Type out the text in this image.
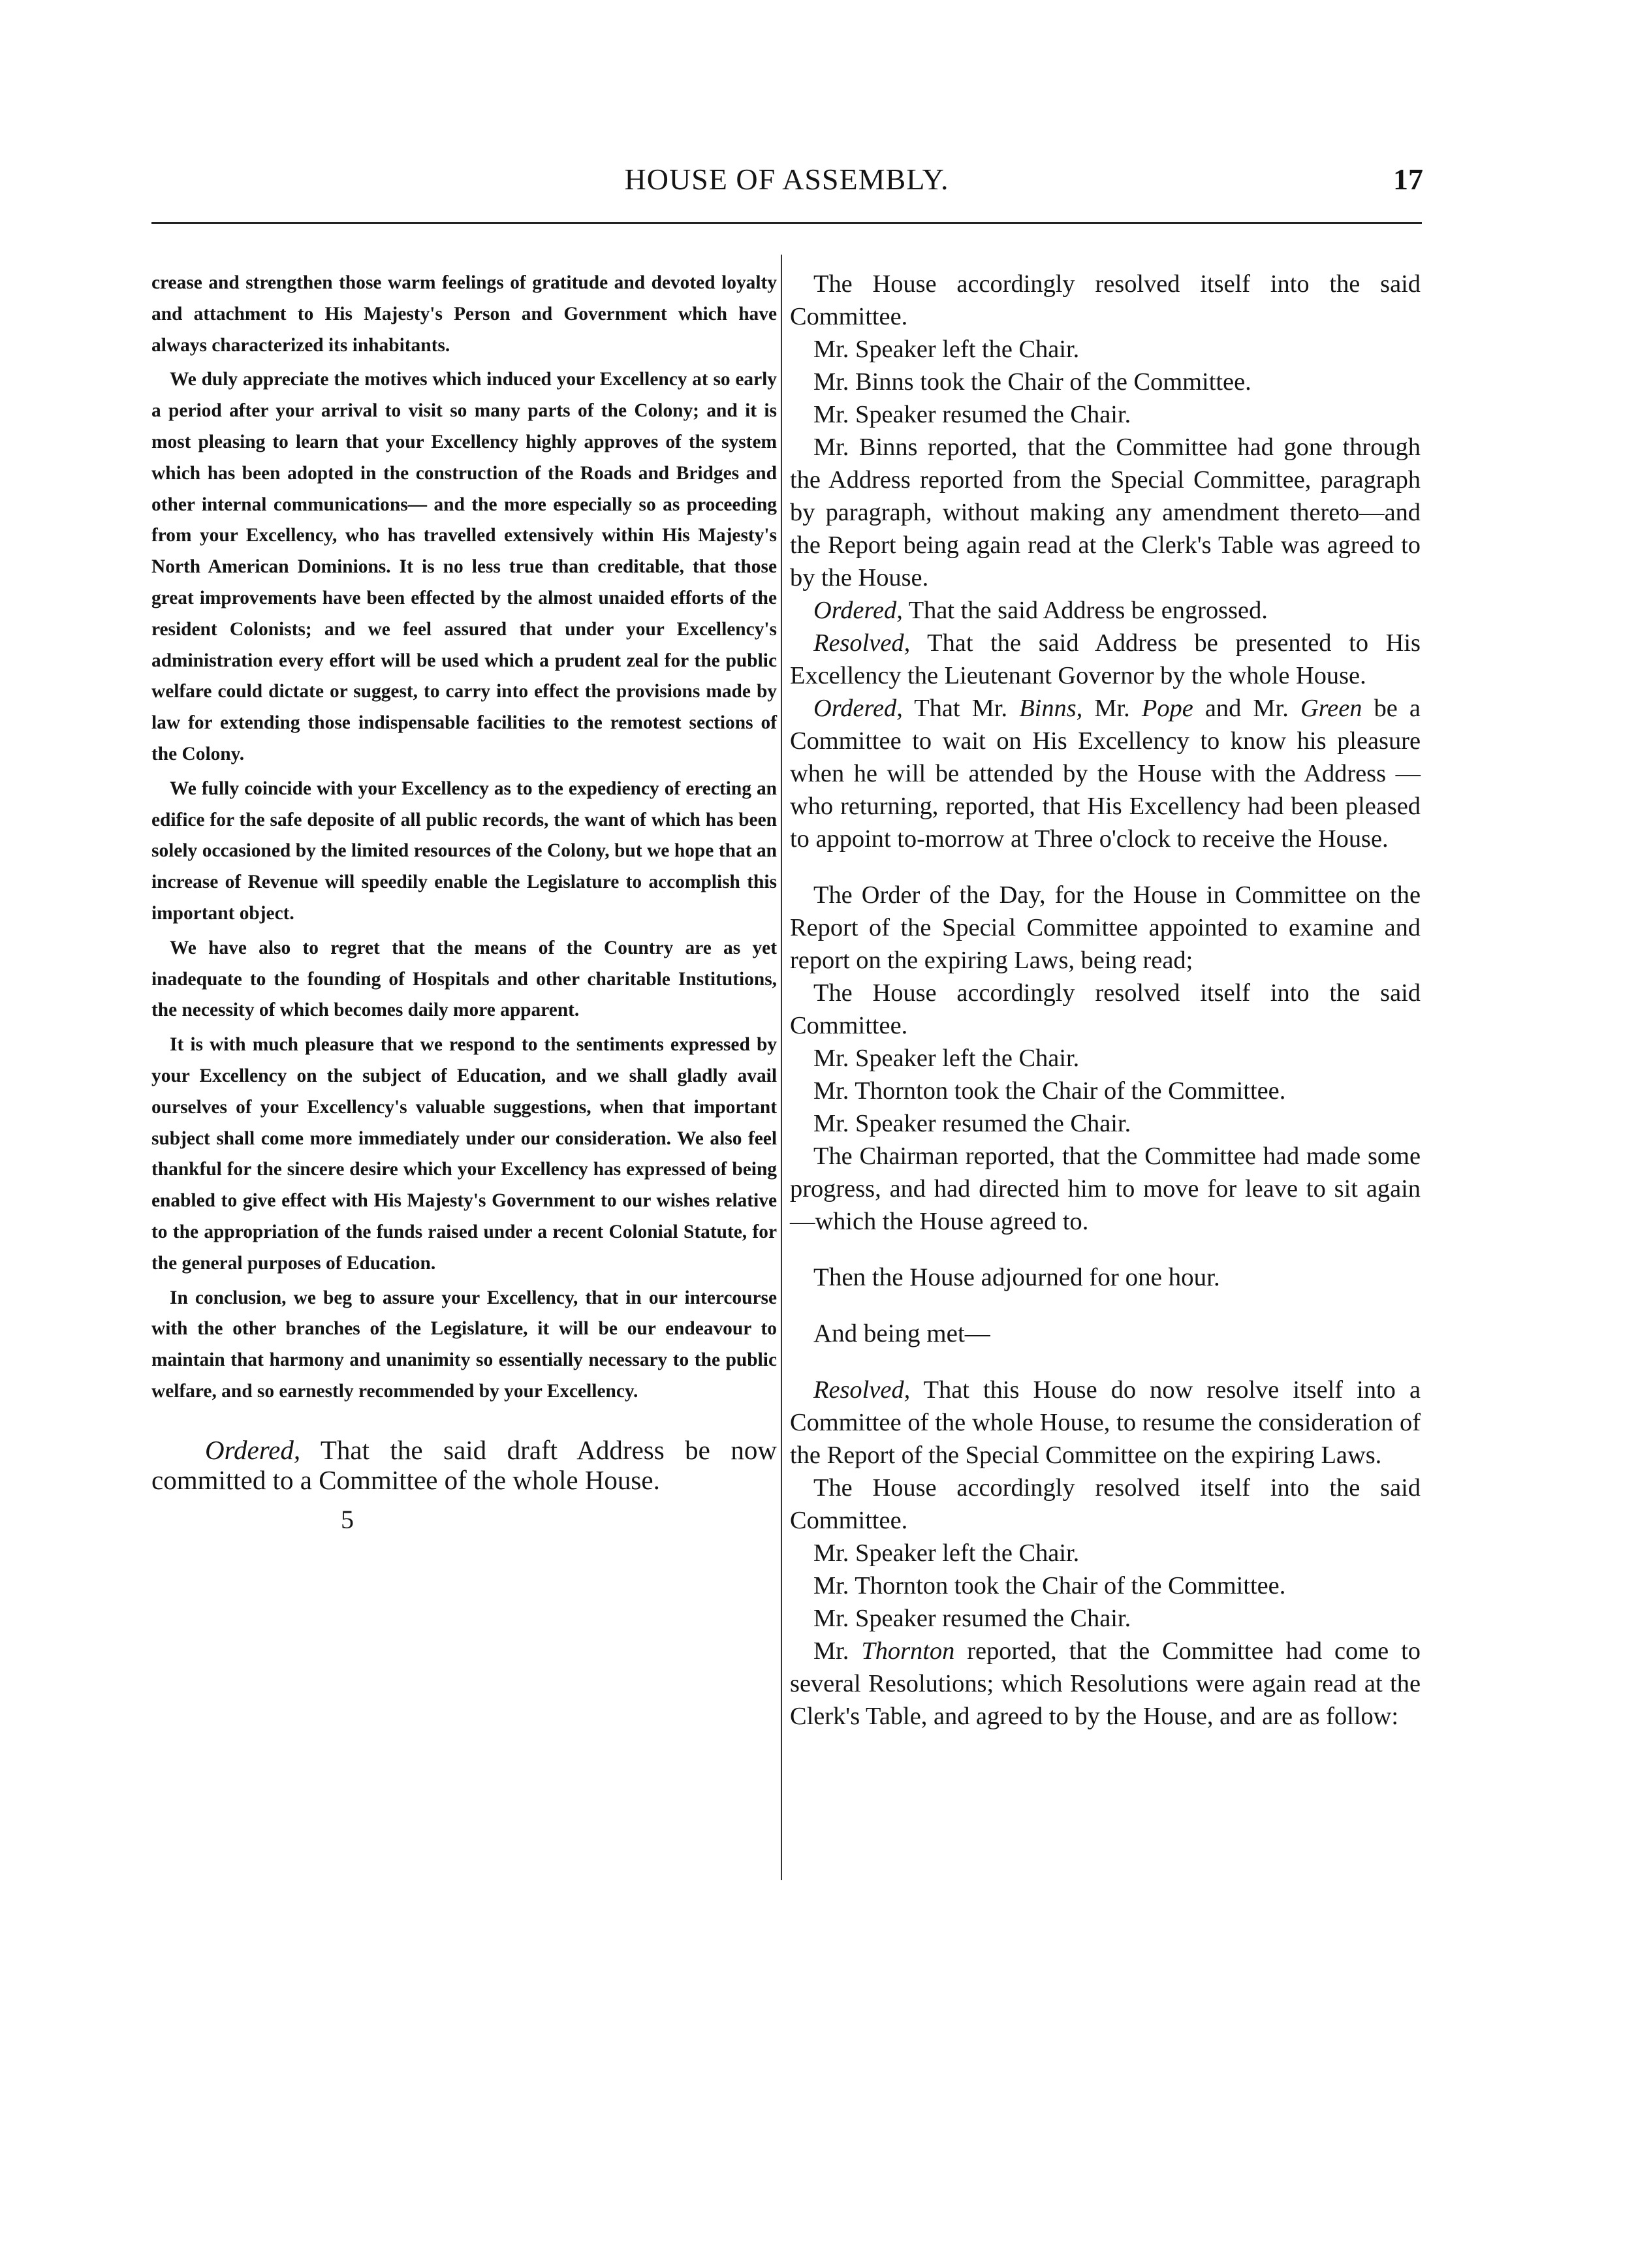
HOUSE OF ASSEMBLY.	17

crease and strengthen those warm feelings of gratitude and devoted loyalty and attachment to His Majesty's Person and Government which have always characterized its inhabitants.

We duly appreciate the motives which induced your Excellency at so early a period after your arrival to visit so many parts of the Colony; and it is most pleasing to learn that your Excellency highly approves of the system which has been adopted in the construction of the Roads and Bridges and other internal communications— and the more especially so as proceeding from your Excellency, who has travelled extensively within His Majesty's North American Dominions. It is no less true than creditable, that those great improvements have been effected by the almost unaided efforts of the resident Colonists; and we feel assured that under your Excellency's administration every effort will be used which a prudent zeal for the public welfare could dictate or suggest, to carry into effect the provisions made by law for extending those indispensable facilities to the remotest sections of the Colony.

We fully coincide with your Excellency as to the expediency of erecting an edifice for the safe deposite of all public records, the want of which has been solely occasioned by the limited resources of the Colony, but we hope that an increase of Revenue will speedily enable the Legislature to accomplish this important object.

We have also to regret that the means of the Country are as yet inadequate to the founding of Hospitals and other charitable Institutions, the necessity of which becomes daily more apparent.

It is with much pleasure that we respond to the sentiments expressed by your Excellency on the subject of Education, and we shall gladly avail ourselves of your Excellency's valuable suggestions, when that important subject shall come more immediately under our consideration. We also feel thankful for the sincere desire which your Excellency has expressed of being enabled to give effect with His Majesty's Government to our wishes relative to the appropriation of the funds raised under a recent Colonial Statute, for the general purposes of Education.

In conclusion, we beg to assure your Excellency, that in our intercourse with the other branches of the Legislature, it will be our endeavour to maintain that harmony and unanimity so essentially necessary to the public welfare, and so earnestly recommended by your Excellency.

Ordered, That the said draft Address be now committed to a Committee of the whole House.

5

The House accordingly resolved itself into the said Committee.

Mr. Speaker left the Chair.

Mr. Binns took the Chair of the Committee.

Mr. Speaker resumed the Chair.

Mr. Binns reported, that the Committee had gone through the Address reported from the Special Committee, paragraph by paragraph, without making any amendment thereto—and the Report being again read at the Clerk's Table was agreed to by the House.

Ordered, That the said Address be engrossed.

Resolved, That the said Address be presented to His Excellency the Lieutenant Governor by the whole House.

Ordered, That Mr. Binns, Mr. Pope and Mr. Green be a Committee to wait on His Excellency to know his pleasure when he will be attended by the House with the Address —who returning, reported, that His Excellency had been pleased to appoint to-morrow at Three o'clock to receive the House.

The Order of the Day, for the House in Committee on the Report of the Special Committee appointed to examine and report on the expiring Laws, being read;

The House accordingly resolved itself into the said Committee.

Mr. Speaker left the Chair.

Mr. Thornton took the Chair of the Committee.

Mr. Speaker resumed the Chair.

The Chairman reported, that the Committee had made some progress, and had directed him to move for leave to sit again—which the House agreed to.

Then the House adjourned for one hour.

And being met—

Resolved, That this House do now resolve itself into a Committee of the whole House, to resume the consideration of the Report of the Special Committee on the expiring Laws.

The House accordingly resolved itself into the said Committee.

Mr. Speaker left the Chair.

Mr. Thornton took the Chair of the Committee.

Mr. Speaker resumed the Chair.

Mr. Thornton reported, that the Committee had come to several Resolutions; which Resolutions were again read at the Clerk's Table, and agreed to by the House, and are as follow:
